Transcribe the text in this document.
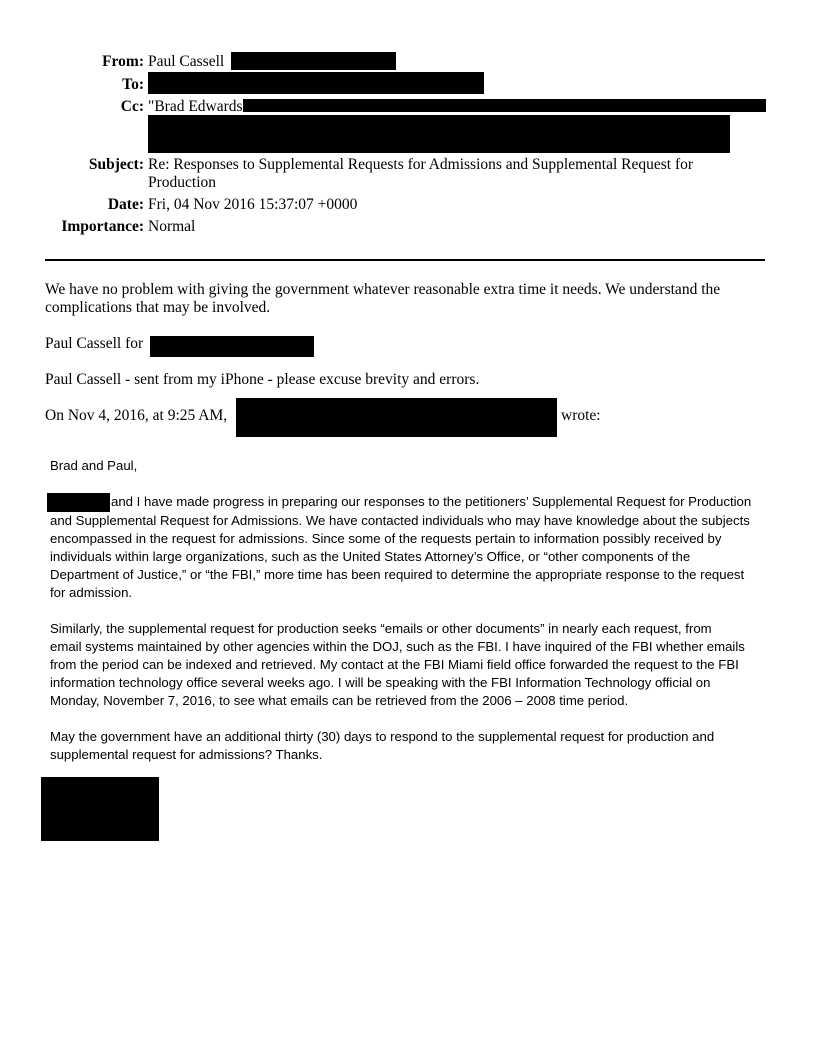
From: Paul Cassell
To:
Cc: "Brad Edwards
Subject: Re: Responses to Supplemental Requests for Admissions and Supplemental Request for
Production
Date: Fri, 04 Nov 2016 15:37:07 +0000
Importance: Normal
We have no problem with giving the government whatever reasonable extra time it needs. We understand the
complications that may be involved.
Paul Cassell for
Paul Cassell - sent from my iPhone - please excuse brevity and errors.
On Nov 4, 2016, at 9:25 AM,	wrote:
Brad and Paul,
and I have made progress in preparing our responses to the petitioners’ Supplemental Request for Production

and Supplemental Request for Admissions. We have contacted individuals who may have knowledge about the subjects

encompassed in the request for admissions. Since some of the requests pertain to information possibly received by

individuals within large organizations, such as the United States Attorney’s Office, or “other components of the

Department of Justice,” or “the FBI,” more time has been required to determine the appropriate response to the request

for admission.

Similarly, the supplemental request for production seeks “emails or other documents” in nearly each request, from

email systems maintained by other agencies within the DOJ, such as the FBI. I have inquired of the FBI whether emails

from the period can be indexed and retrieved. My contact at the FBI Miami field office forwarded the request to the FBI

information technology office several weeks ago. I will be speaking with the FBI Information Technology official on

Monday, November 7, 2016, to see what emails can be retrieved from the 2006 – 2008 time period.

May the government have an additional thirty (30) days to respond to the supplemental request for production and

supplemental request for admissions? Thanks.
